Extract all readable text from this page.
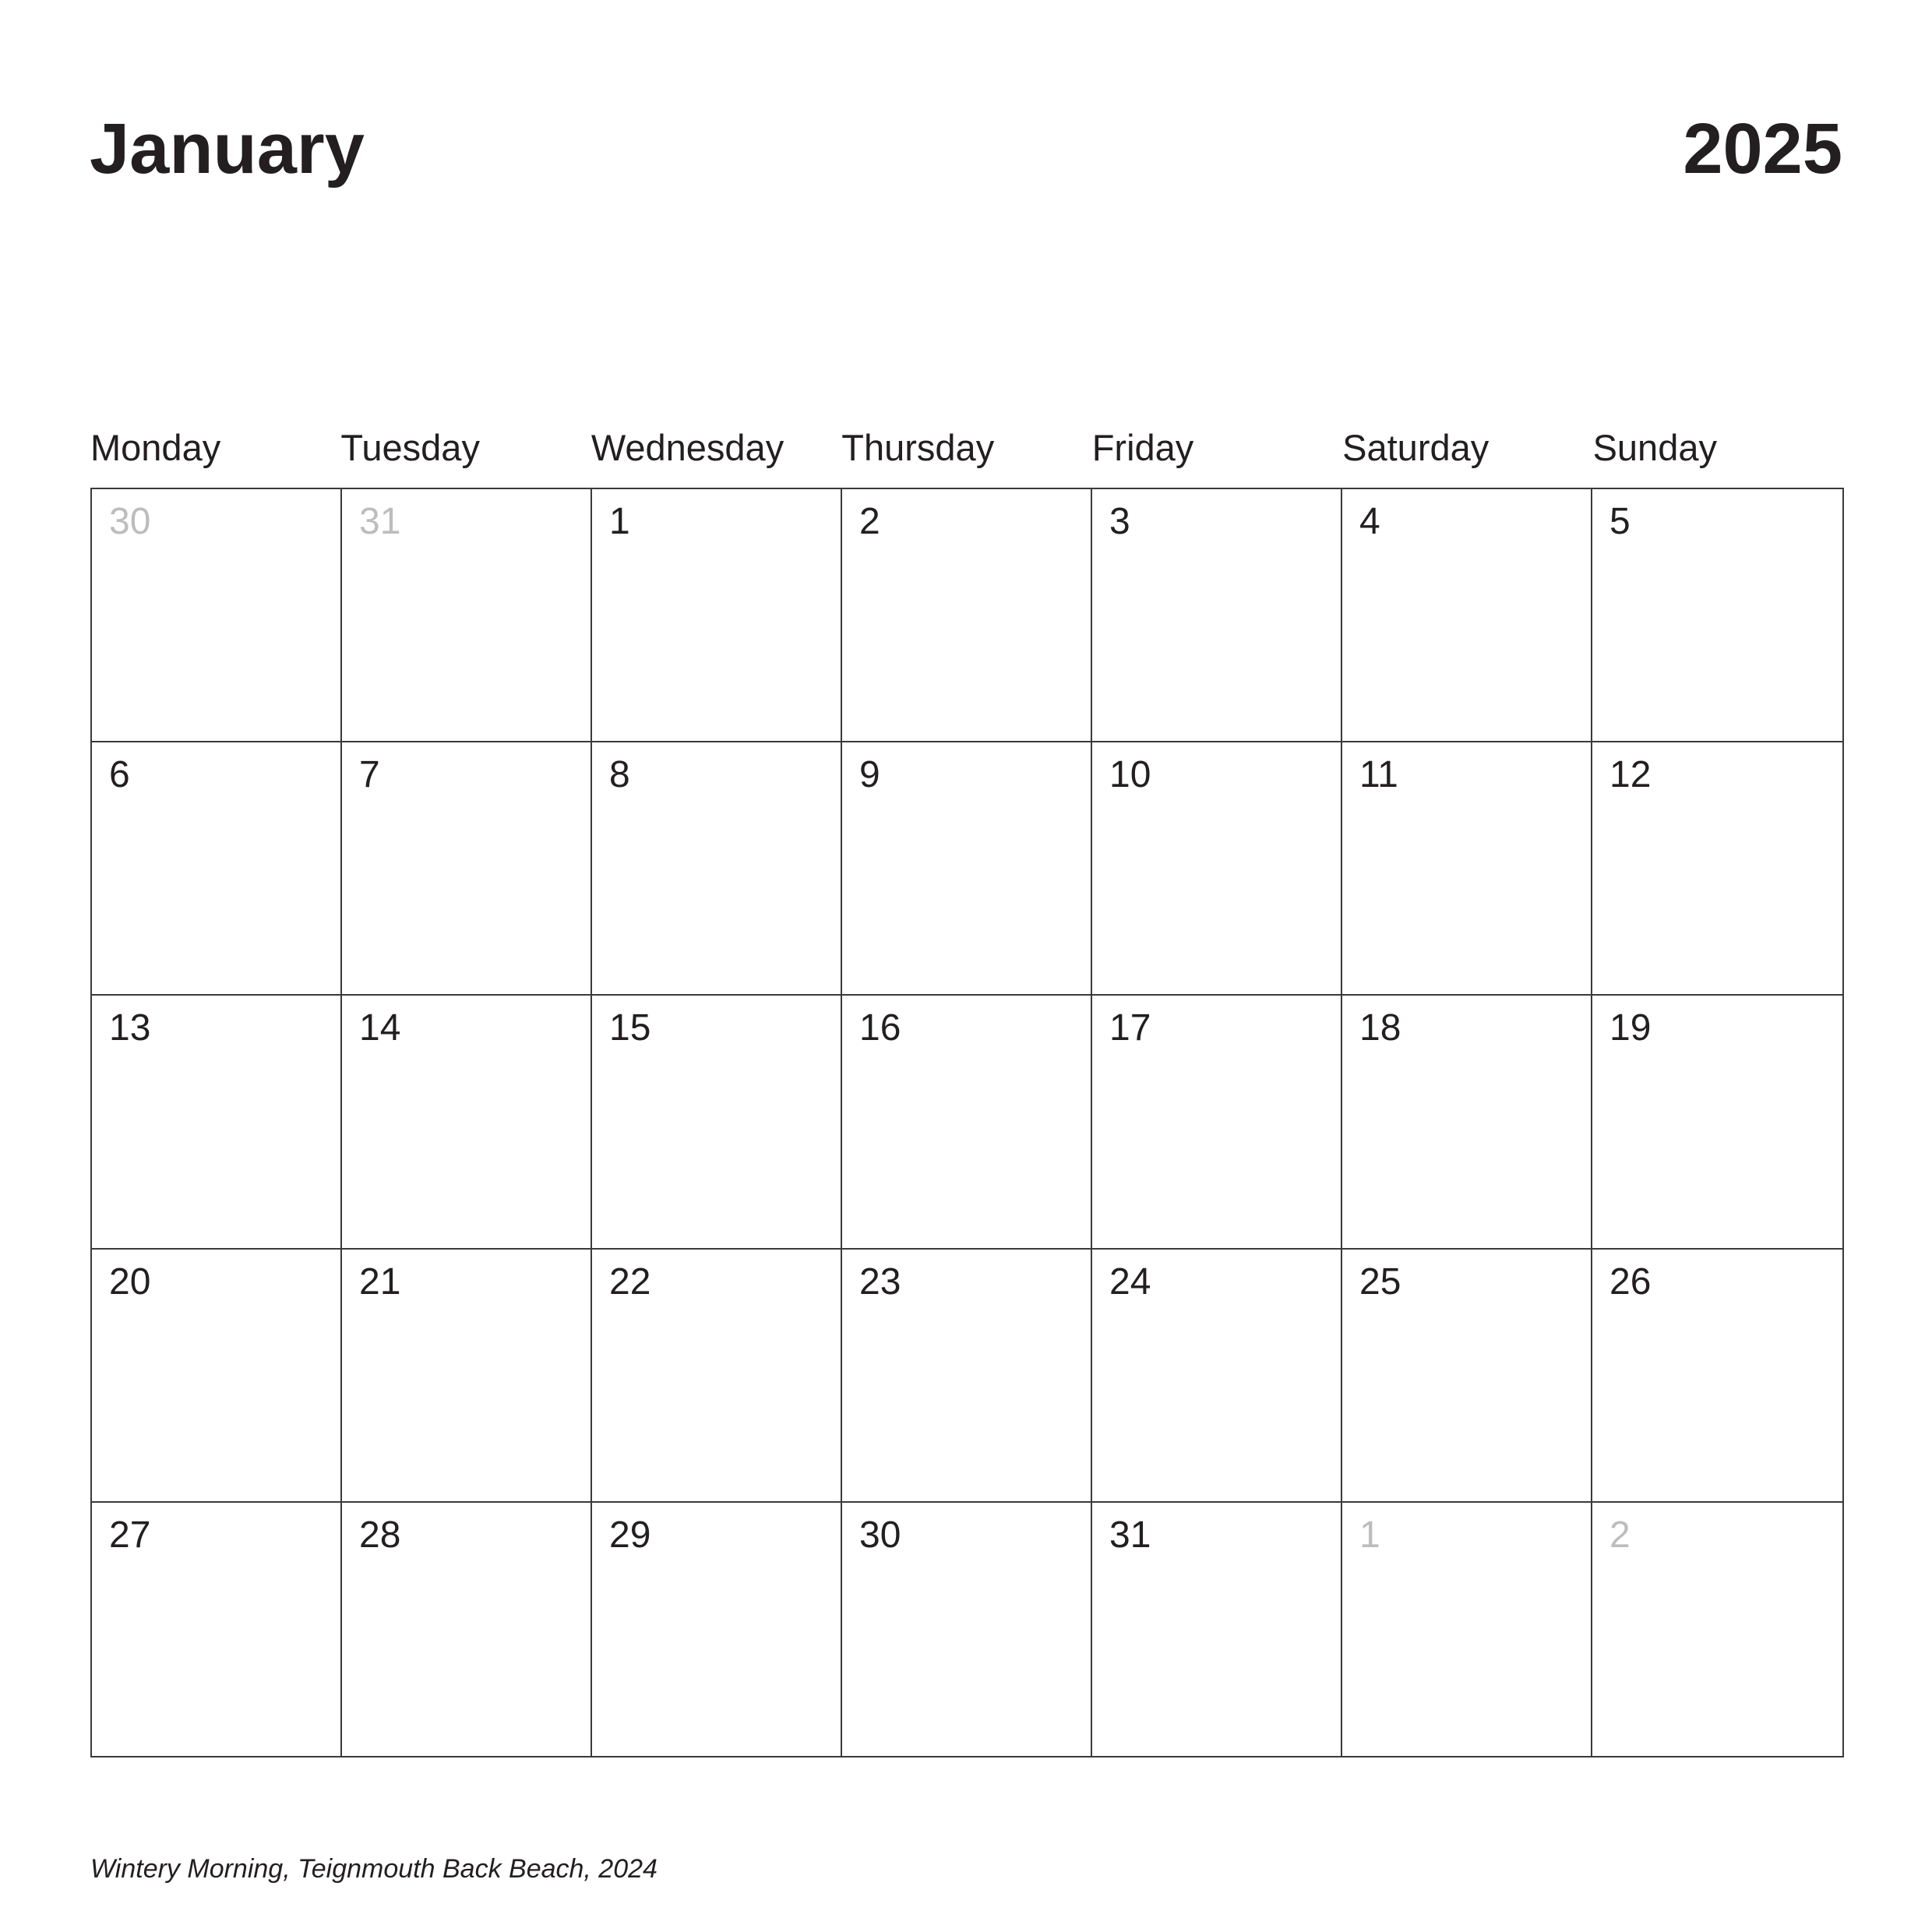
January	2025
Monday	Tuesday	Wednesday	Thursday	Friday	Saturday	Sunday
30	31	1	2	3	4	5
6	7	8	9	10	11	12
13	14	15	16	17	18	19
20	21	22	23	24	25	26
27	28	29	30	31	1	2
Wintery Morning, Teignmouth Back Beach, 2024
